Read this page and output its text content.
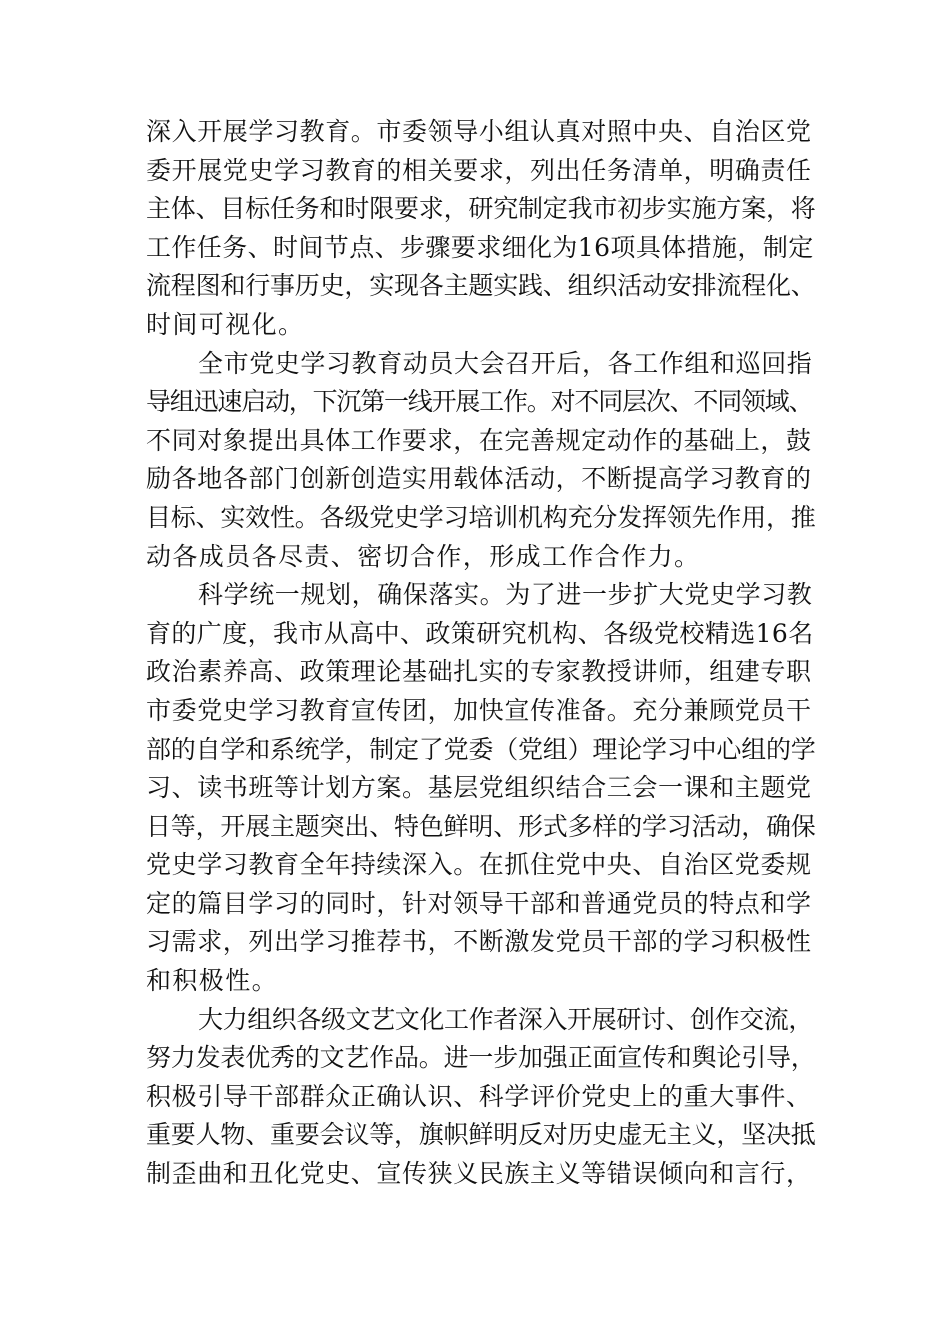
深入开展学习教育。市委领导小组认真对照中央、自治区党
委开展党史学习教育的相关要求，列出任务清单，明确责任
主体、目标任务和时限要求，研究制定我市初步实施方案，将
工作任务、时间节点、步骤要求细化为16项具体措施，制定
流程图和行事历史，实现各主题实践、组织活动安排流程化、
时间可视化。
全市党史学习教育动员大会召开后，各工作组和巡回指
导组迅速启动，下沉第一线开展工作。对不同层次、不同领域、
不同对象提出具体工作要求，在完善规定动作的基础上，鼓
励各地各部门创新创造实用载体活动，不断提高学习教育的
目标、实效性。各级党史学习培训机构充分发挥领先作用，推
动各成员各尽责、密切合作，形成工作合作力。
科学统一规划，确保落实。为了进一步扩大党史学习教
育的广度，我市从高中、政策研究机构、各级党校精选16名
政治素养高、政策理论基础扎实的专家教授讲师，组建专职
市委党史学习教育宣传团，加快宣传准备。充分兼顾党员干
部的自学和系统学，制定了党委（党组）理论学习中心组的学
习、读书班等计划方案。基层党组织结合三会一课和主题党
日等，开展主题突出、特色鲜明、形式多样的学习活动，确保
党史学习教育全年持续深入。在抓住党中央、自治区党委规
定的篇目学习的同时，针对领导干部和普通党员的特点和学
习需求，列出学习推荐书，不断激发党员干部的学习积极性
和积极性。
大力组织各级文艺文化工作者深入开展研讨、创作交流，
努力发表优秀的文艺作品。进一步加强正面宣传和舆论引导，
积极引导干部群众正确认识、科学评价党史上的重大事件、
重要人物、重要会议等，旗帜鲜明反对历史虚无主义，坚决抵
制歪曲和丑化党史、宣传狭义民族主义等错误倾向和言行，
